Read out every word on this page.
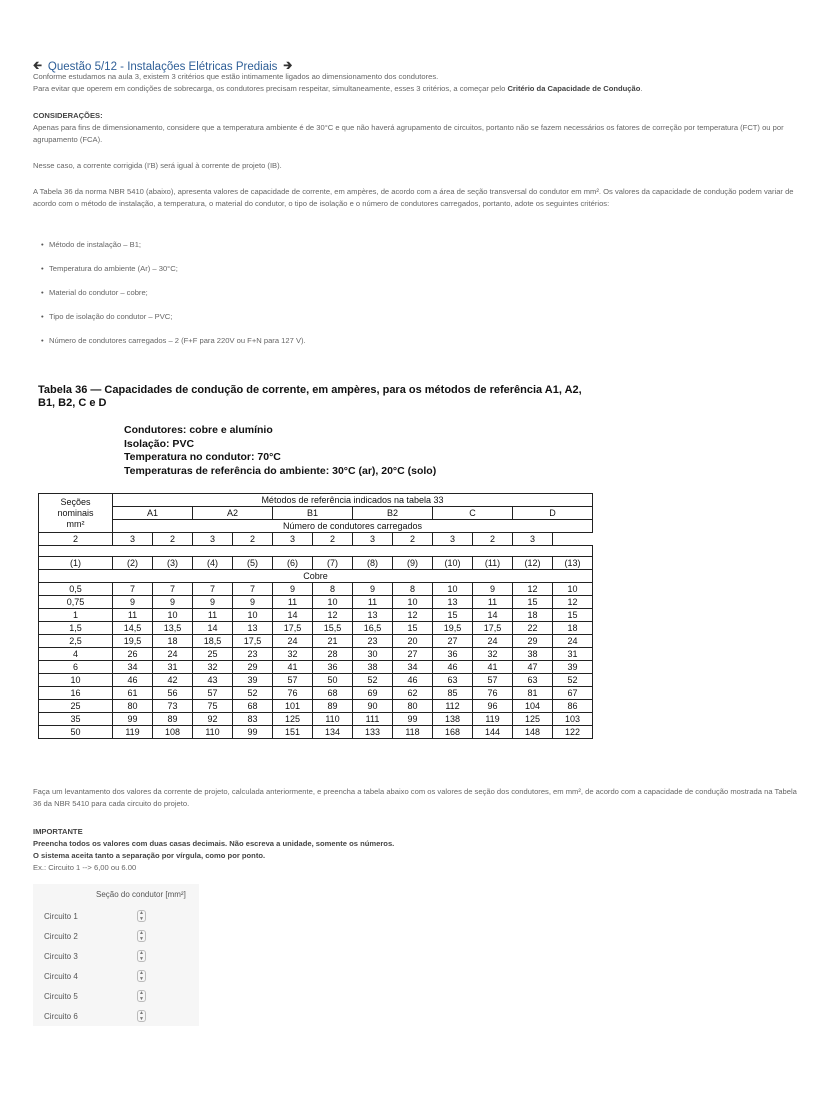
🡰 Questão 5/12 - Instalações Elétricas Prediais 🡲
Conforme estudamos na aula 3, existem 3 critérios que estão intimamente ligados ao dimensionamento dos condutores.
Para evitar que operem em condições de sobrecarga, os condutores precisam respeitar, simultaneamente, esses 3 critérios, a começar pelo Critério da Capacidade de Condução.
CONSIDERAÇÕES:
Apenas para fins de dimensionamento, considere que a temperatura ambiente é de 30°C e que não haverá agrupamento de circuitos, portanto não se fazem necessários os fatores de correção por temperatura (FCT) ou por agrupamento (FCA).
Nesse caso, a corrente corrigida (I′B) será igual à corrente de projeto (IB).
A Tabela 36 da norma NBR 5410 (abaixo), apresenta valores de capacidade de corrente, em ampères, de acordo com a área de seção transversal do condutor em mm². Os valores da capacidade de condução podem variar de acordo com o método de instalação, a temperatura, o material do condutor, o tipo de isolação e o número de condutores carregados, portanto, adote os seguintes critérios:
• Método de instalação – B1;
• Temperatura do ambiente (Ar) – 30°C;
• Material do condutor – cobre;
• Tipo de isolação do condutor – PVC;
• Número de condutores carregados – 2 (F+F para 220V ou F+N para 127 V).
Tabela 36 — Capacidades de condução de corrente, em ampères, para os métodos de referência A1, A2, B1, B2, C e D
Condutores: cobre e alumínio
Isolação: PVC
Temperatura no condutor: 70°C
Temperaturas de referência do ambiente: 30°C (ar), 20°C (solo)
Seções
nominais
mm²	Métodos de referência indicados na tabela 33											
	A1		A2		B1		B2		C		D	
	Número de condutores carregados											
2	3	2	3	2	3	2	3	2	3	2	3	

(1)	(2)	(3)	(4)	(5)	(6)	(7)	(8)	(9)	(10)	(11)	(12)	(13)
Cobre												
0,5	7	7	7	7	9	8	9	8	10	9	12	10
0,75	9	9	9	9	11	10	11	10	13	11	15	12
1	11	10	11	10	14	12	13	12	15	14	18	15
1,5	14,5	13,5	14	13	17,5	15,5	16,5	15	19,5	17,5	22	18
2,5	19,5	18	18,5	17,5	24	21	23	20	27	24	29	24
4	26	24	25	23	32	28	30	27	36	32	38	31
6	34	31	32	29	41	36	38	34	46	41	47	39
10	46	42	43	39	57	50	52	46	63	57	63	52
16	61	56	57	52	76	68	69	62	85	76	81	67
25	80	73	75	68	101	89	90	80	112	96	104	86
35	99	89	92	83	125	110	111	99	138	119	125	103
50	119	108	110	99	151	134	133	118	168	144	148	122
Faça um levantamento dos valores da corrente de projeto, calculada anteriormente, e preencha a tabela abaixo com os valores de seção dos condutores, em mm², de acordo com a capacidade de condução mostrada na Tabela 36 da NBR 5410 para cada circuito do projeto.
IMPORTANTE
Preencha todos os valores com duas casas decimais. Não escreva a unidade, somente os números.
O sistema aceita tanto a separação por vírgula, como por ponto.
Ex.: Circuito 1 --> 6,00 ou 6.00
Seção do condutor [mm²]
Circuito 1	▲
▼
Circuito 2	▲
▼
Circuito 3	▲
▼
Circuito 4	▲
▼
Circuito 5	▲
▼
Circuito 6	▲
▼
